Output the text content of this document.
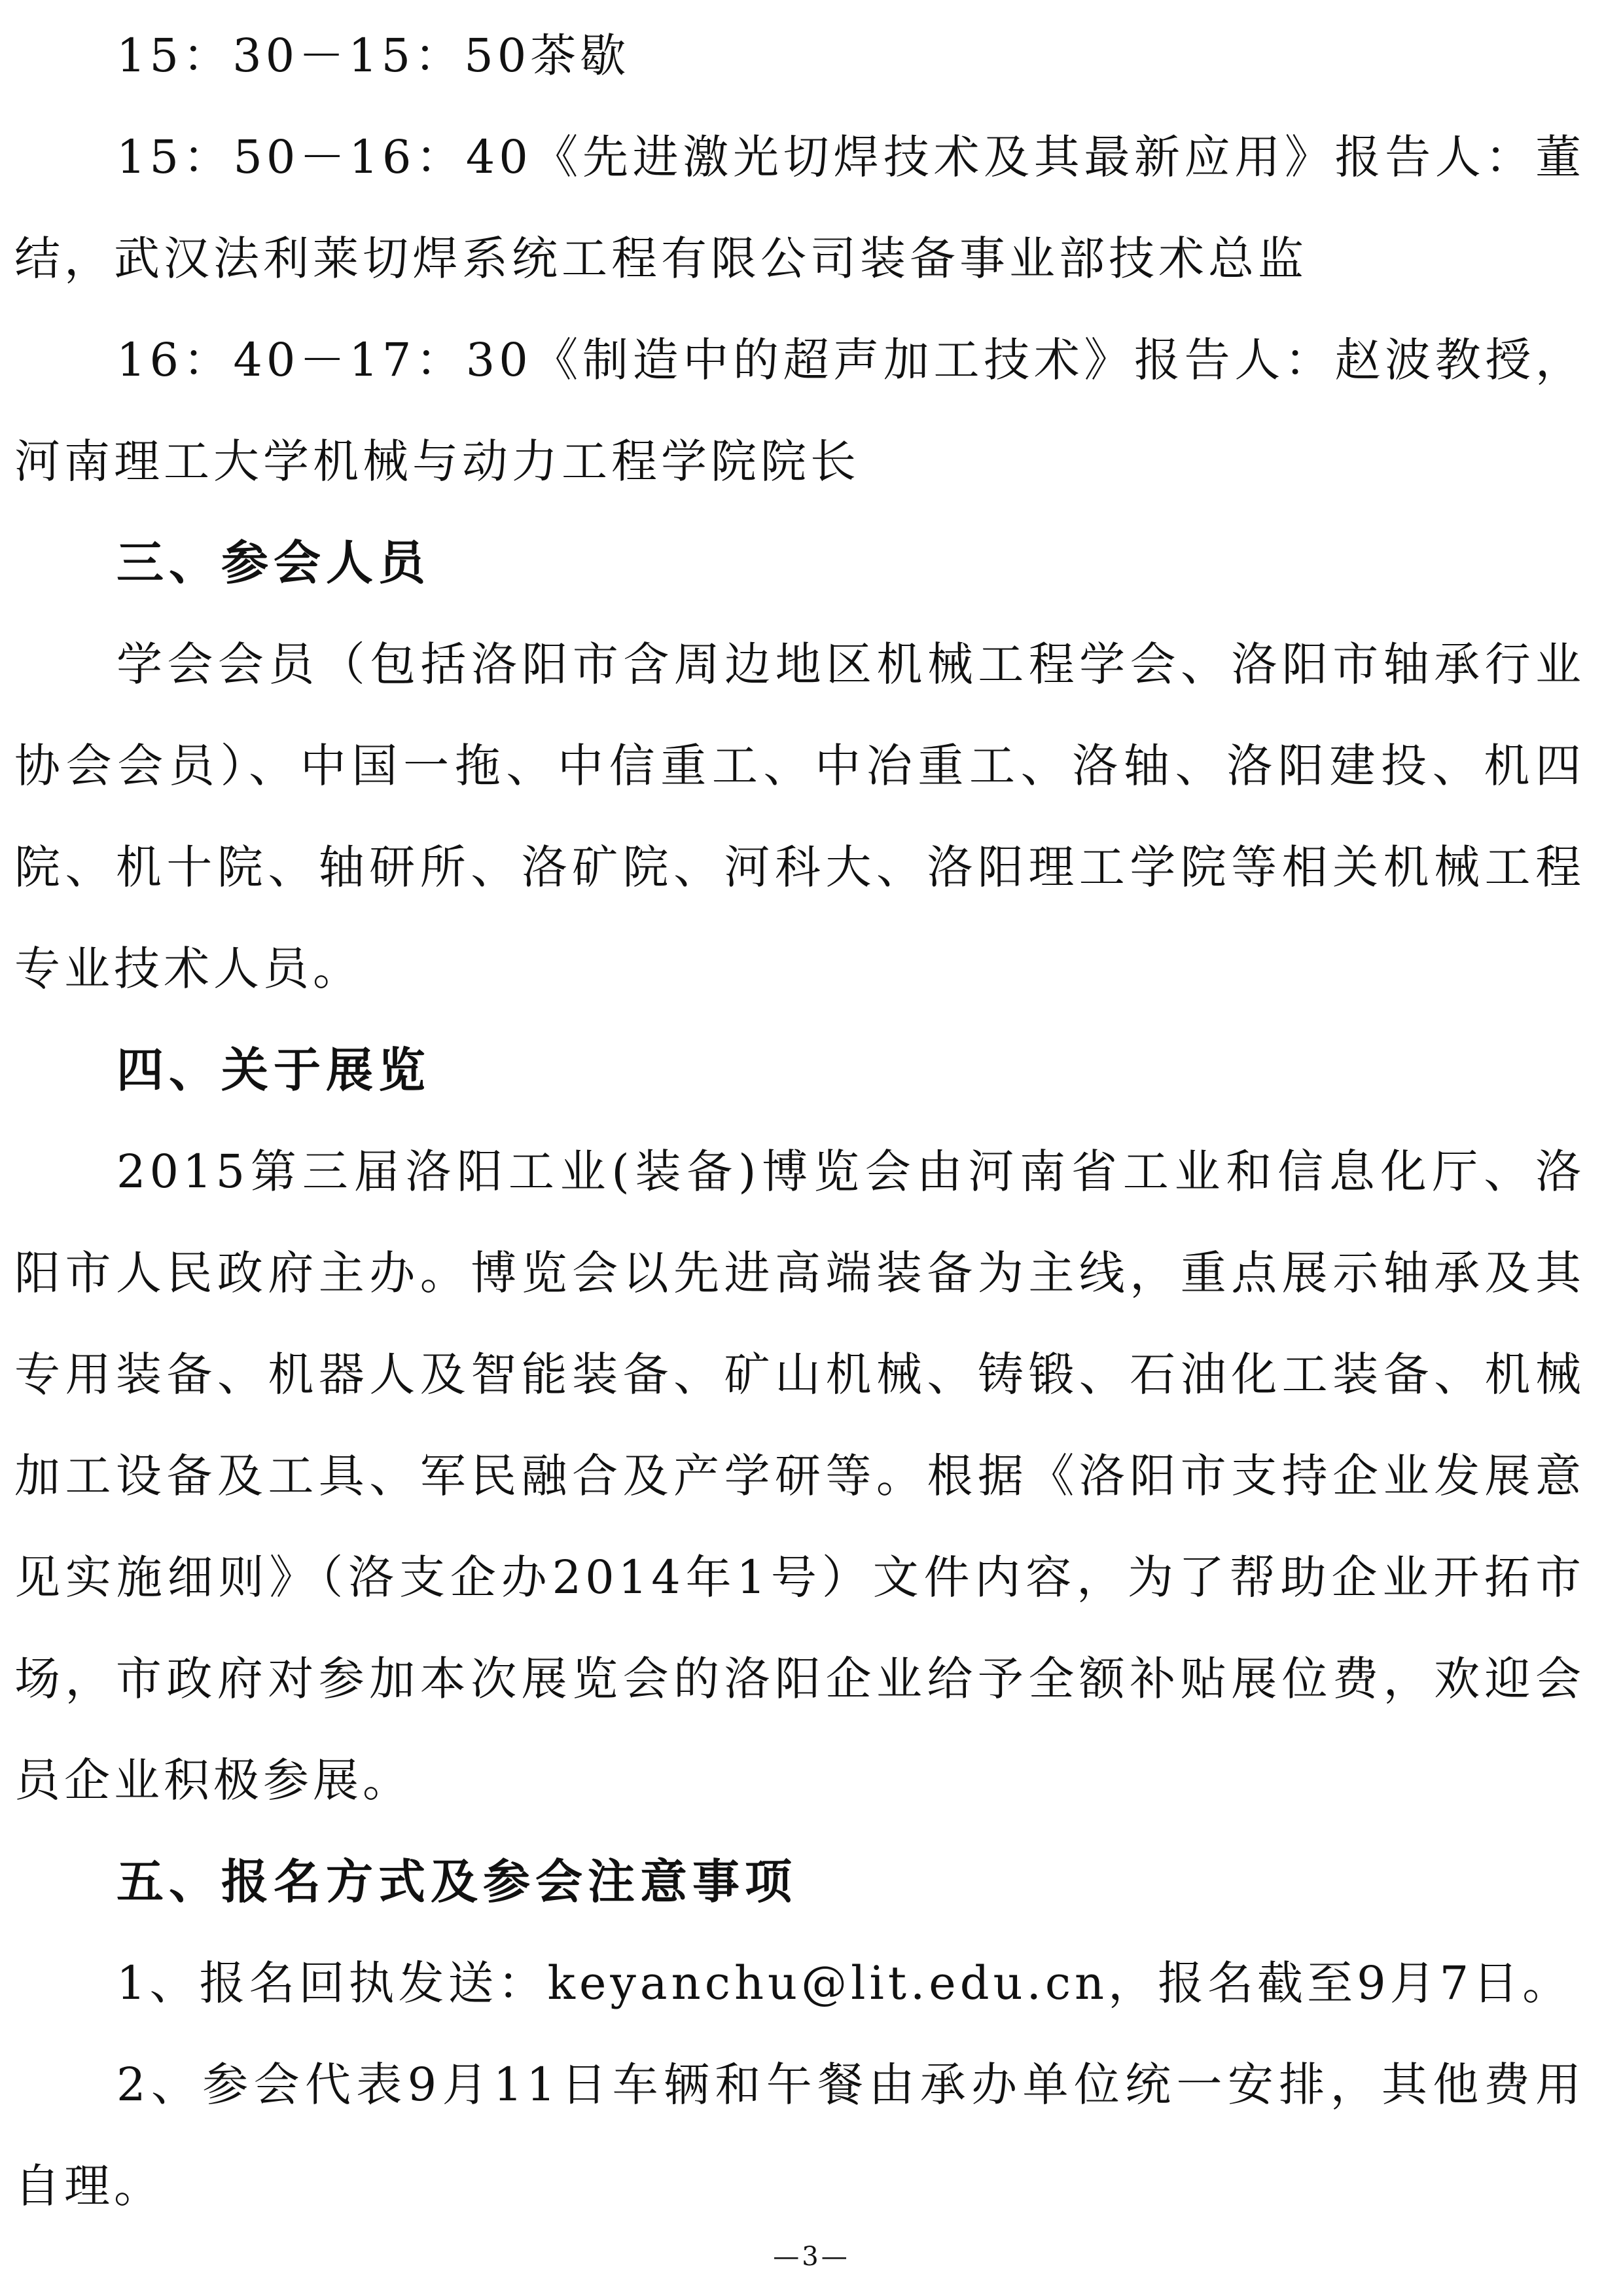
15：30－15：50茶歇

15：50－16：40《先进激光切焊技术及其最新应用》报告人：董结，武汉法利莱切焊系统工程有限公司装备事业部技术总监

16：40－17：30《制造中的超声加工技术》报告人：赵波教授，河南理工大学机械与动力工程学院院长

三、参会人员

学会会员（包括洛阳市含周边地区机械工程学会、洛阳市轴承行业协会会员）、中国一拖、中信重工、中冶重工、洛轴、洛阳建投、机四院、机十院、轴研所、洛矿院、河科大、洛阳理工学院等相关机械工程专业技术人员。

四、关于展览

2015第三届洛阳工业(装备)博览会由河南省工业和信息化厅、洛阳市人民政府主办。博览会以先进高端装备为主线，重点展示轴承及其专用装备、机器人及智能装备、矿山机械、铸锻、石油化工装备、机械加工设备及工具、军民融合及产学研等。根据《洛阳市支持企业发展意见实施细则》（洛支企办2014年1号）文件内容，为了帮助企业开拓市场，市政府对参加本次展览会的洛阳企业给予全额补贴展位费，欢迎会员企业积极参展。

五、报名方式及参会注意事项

1、报名回执发送：keyanchu@lit.edu.cn，报名截至9月7日。

2、参会代表9月11日车辆和午餐由承办单位统一安排，其他费用自理。

—3—
